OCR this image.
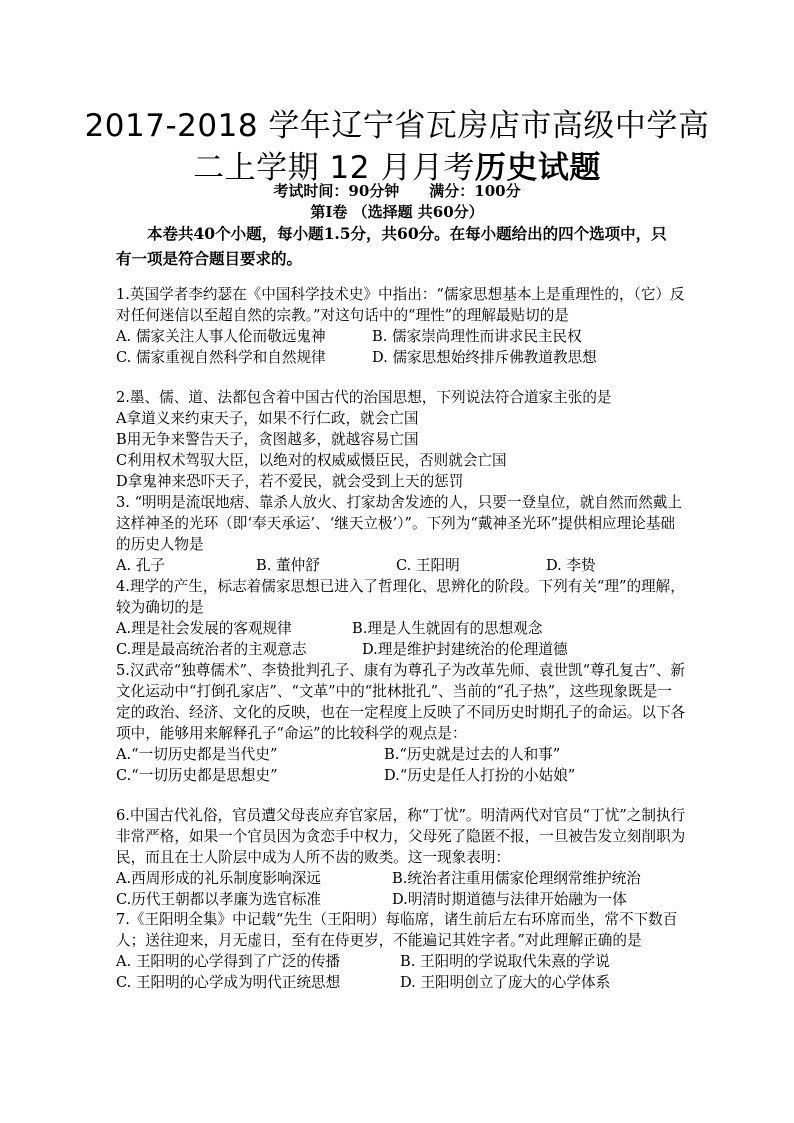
2017-2018 学年辽宁省瓦房店市高级中学高
二上学期 12 月月考历史试题
考试时间：90分钟 满分：100分
第Ⅰ卷 （选择题 共60分）
本卷共40个小题，每小题1.5分，共60分。在每小题给出的四个选项中，只有一项是符合题目要求的。
1.英国学者李约瑟在《中国科学技术史》中指出：“儒家思想基本上是重理性的，（它）反对任何迷信以至超自然的宗教。”对这句话中的“理性”的理解最贴切的是
A. 儒家关注人事人伦而敬远鬼神	B. 儒家崇尚理性而讲求民主民权
C. 儒家重视自然科学和自然规律	D. 儒家思想始终排斥佛教道教思想
2.墨、儒、道、法都包含着中国古代的治国思想，下列说法符合道家主张的是
A拿道义来约束天子，如果不行仁政，就会亡国
B用无争来警告天子，贪图越多，就越容易亡国
C利用权术驾驭大臣，以绝对的权威威慑臣民，否则就会亡国
D拿鬼神来恐吓天子，若不爱民，就会受到上天的惩罚
3. “明明是流氓地痞、靠杀人放火、打家劫舍发迹的人，只要一登皇位，就自然而然戴上这样神圣的光环（即‘奉天承运’、‘继天立极’）”。下列为“戴神圣光环”提供相应理论基础的历史人物是
A. 孔子	B. 董仲舒	C. 王阳明	D. 李贽
4.理学的产生，标志着儒家思想已进入了哲理化、思辨化的阶段。下列有关“理”的理解，较为确切的是
A.理是社会发展的客观规律	B.理是人生就固有的思想观念
C.理是最高统治者的主观意志	D.理是维护封建统治的伦理道德
5.汉武帝“独尊儒术”、李贽批判孔子、康有为尊孔子为改革先师、袁世凯“尊孔复古”、新文化运动中“打倒孔家店”、“文革”中的“批林批孔”、当前的“孔子热”，这些现象既是一定的政治、经济、文化的反映，也在一定程度上反映了不同历史时期孔子的命运。以下各项中，能够用来解释孔子“命运”的比较科学的观点是：
A.“一切历史都是当代史”	B.“历史就是过去的人和事”
C.“一切历史都是思想史”	D.“历史是任人打扮的小姑娘”
6.中国古代礼俗，官员遭父母丧应弃官家居，称“丁忧”。明清两代对官员“丁忧”之制执行非常严格，如果一个官员因为贪恋手中权力，父母死了隐匿不报，一旦被告发立刻削职为民，而且在士人阶层中成为人所不齿的败类。这一现象表明：
A.西周形成的礼乐制度影响深远	B.统治者注重用儒家伦理纲常维护统治
C.历代王朝都以孝廉为选官标准	D.明清时期道德与法律开始融为一体
7.《王阳明全集》中记载“先生（王阳明）每临席，诸生前后左右环席而坐，常不下数百人；送往迎来，月无虚日，至有在侍更岁，不能遍记其姓字者。”对此理解正确的是
A. 王阳明的心学得到了广泛的传播	B. 王阳明的学说取代朱熹的学说
C. 王阳明的心学成为明代正统思想	D. 王阳明创立了庞大的心学体系
